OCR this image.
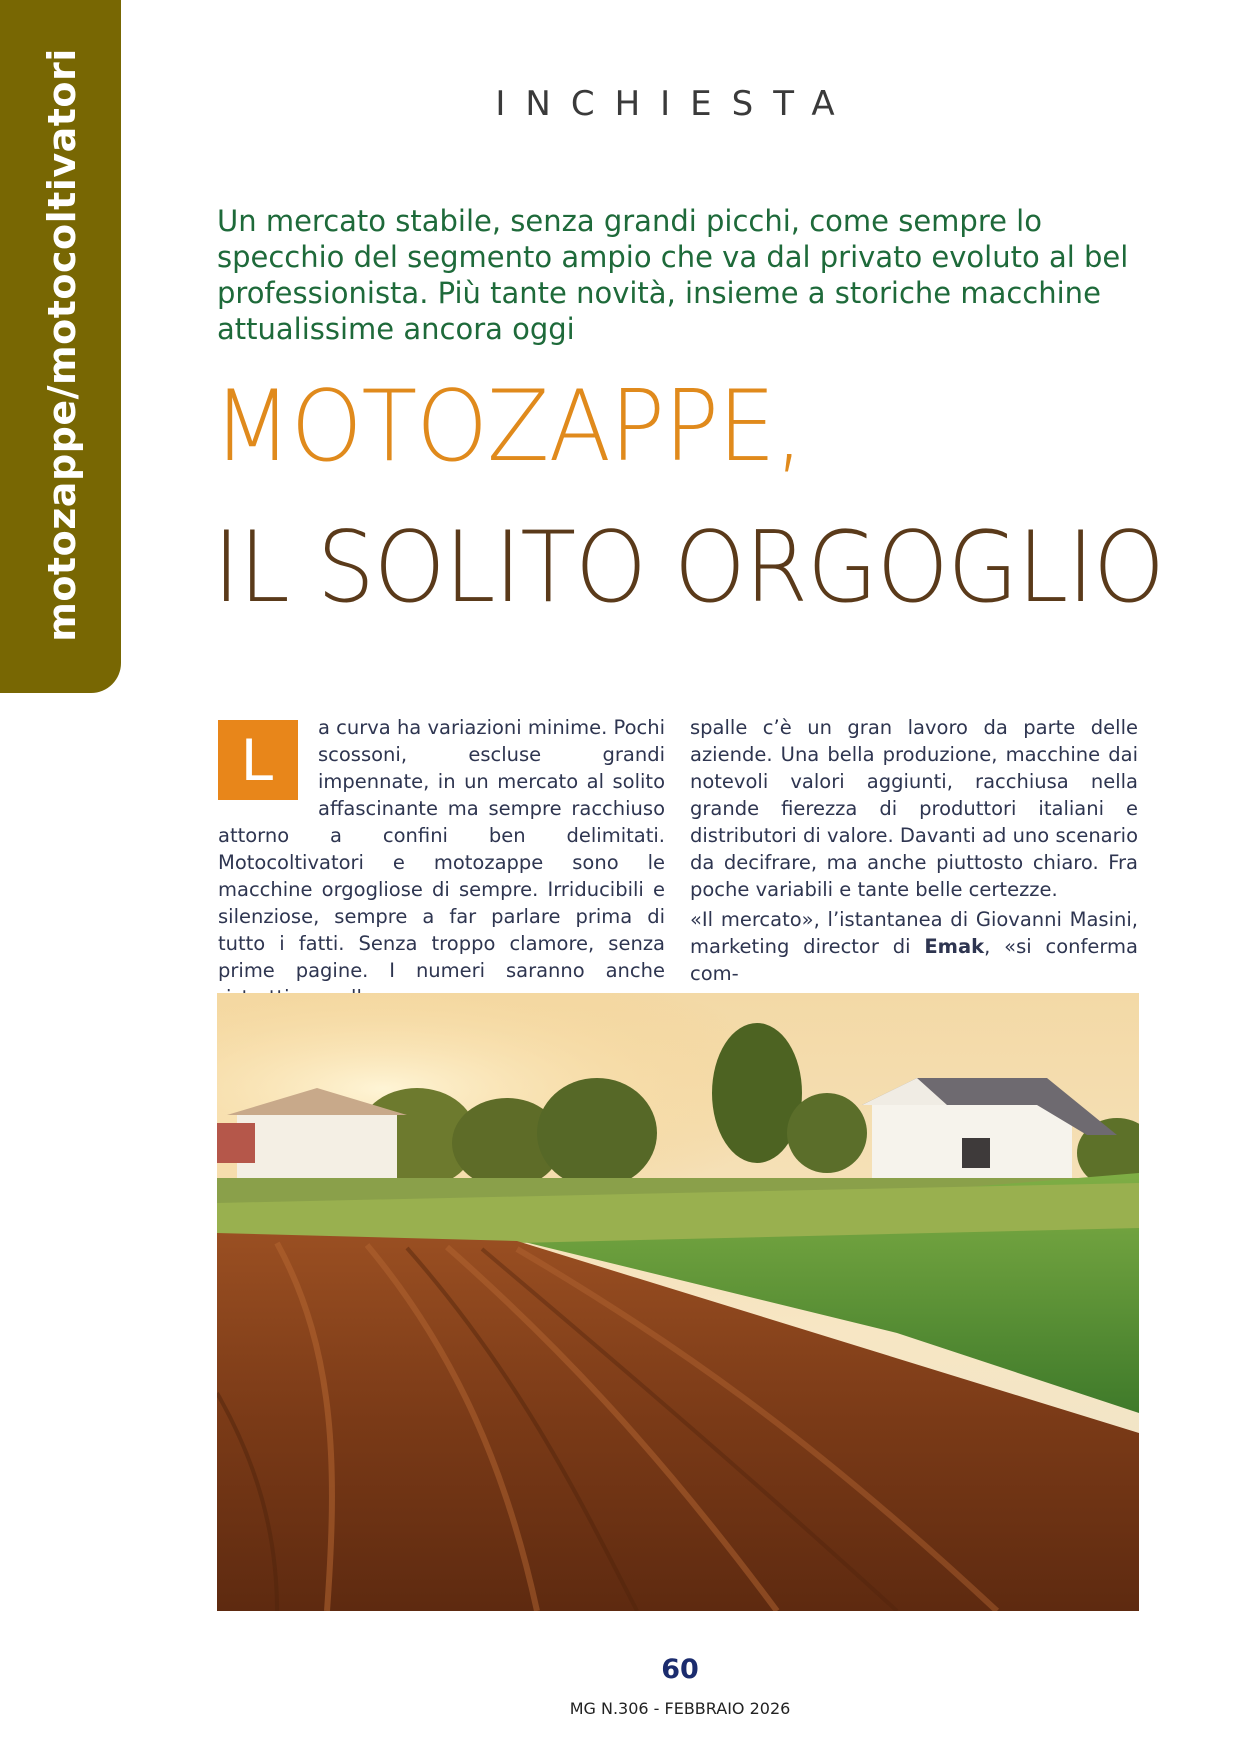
motozappe/motocoltivatori	INCHIESTA
Un mercato stabile, senza grandi picchi, come sempre lo specchio del segmento ampio che va dal privato evoluto al bel professionista. Più tante novità, insieme a storiche macchine attualissime ancora oggi
MOTOZAPPE,
IL SOLITO ORGOGLIO
L	a curva ha variazioni minime. Pochi scossoni, escluse grandi impennate, in un mercato al solito affascinante ma sempre racchiuso attorno a confini ben delimitati. Motocoltivatori e motozappe sono le macchine orgogliose di sempre. Irriducibili e silenziose, sempre a far parlare prima di tutto i fatti. Senza troppo clamore, senza prime pagine. I numeri saranno anche

spalle c’è un gran lavoro da parte delle aziende. Una bella produzione, macchine dai notevoli valori aggiunti, racchiusa nella grande fierezza di produttori italiani e distributori di valore. Davanti ad uno scenario da decifrare, ma anche piuttosto chiaro. Fra poche variabili e tante belle certezze.

«Il mercato», l’istantanea di Giovanni Masini, marketing director di Emak, «si conferma com-

60
MG N.306 - FEBBRAIO 2026
